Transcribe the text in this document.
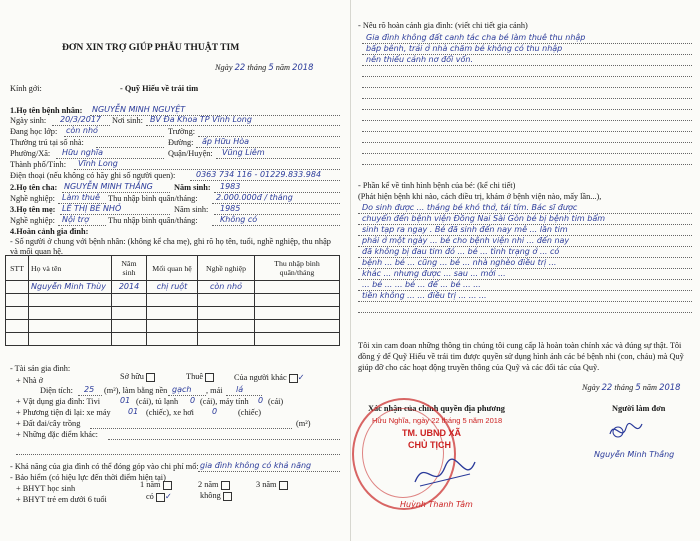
ĐƠN XIN TRỢ GIÚP PHẪU THUẬT TIM
Ngày 22 tháng 5 năm 2018
Kính gởi:	- Quỹ Hiếu về trái tim
1.Họ tên bệnh nhân: NGUYỄN MINH NGUYỆT
Ngày sinh: 20/3/2017 Nơi sinh: BV Đa Khoa TP Vĩnh Long
Đang học lớp: còn nhỏ	Trường:
Thường trú tại số nhà:	Đường: ấp Hữu Hòa
Phường/Xã: Hữu nghĩa	Quận/Huyện: Vũng Liêm
Thành phố/Tỉnh: Vĩnh Long
Điện thoại (nếu không có hãy ghi số người quen):	0363 734 116 - 01229.833.984
2.Họ tên cha: NGUYỄN MINH THẮNG	Năm sinh: 1983
Nghề nghiệp: Làm thuê Thu nhập bình quân/tháng: 2.000.000đ / tháng
3.Họ tên mẹ: LÊ THỊ BÉ NHỎ	Năm sinh: 1985
Nghề nghiệp: Nội trợ Thu nhập bình quân/tháng:	Không có
4.Hoàn cảnh gia đình:
- Số người ở chung với bệnh nhân: (không kể cha mẹ), ghi rõ họ tên, tuổi, nghề nghiệp, thu nhập và mối quan hệ.
STT	Họ và tên	Năm sinh	Mối quan hệ	Nghề nghiệp	Thu nhập bình quân/tháng
	Nguyễn Minh Thùy	2014	chị ruột	còn nhỏ	

- Tài sản gia đình:
+ Nhà ở	Sở hữu	Thuê	Của người khác ✓
Diện tích: 25 (m²), làm bằng nền gạch , mái lá
+ Vật dụng gia đình: Tivi 01 (cái), tủ lạnh 0 (cái), máy tính 0 (cái)
+ Phương tiện đi lại: xe máy 01 (chiếc), xe hơi 0	(chiếc)
+ Đất đai/cây trồng	(m²)
+ Những đặc điểm khác:
- Khả năng của gia đình có thể đóng góp vào chi phí mổ: gia đình không có khả năng
- Bảo hiểm (có hiệu lực đến thời điểm hiện tại)
+ BHYT học sinh	1 năm	2 năm	3 năm
+ BHYT trẻ em dưới 6 tuổi	có ✓	không
- Nêu rõ hoàn cảnh gia đình: (viết chi tiết gia cảnh)
Gia đình không đất canh tác cha bé làm thuê thu nhập
bấp bênh, trải ở nhà chăm bé không có thu nhập
nên thiếu cảnh nơ đổi vốn.
- Phần kể về tình hình bệnh của bé: (kể chi tiết)
(Phát hiện bệnh khi nào, cách điều trị, khám ở bệnh viện nào, mấy lần...),
Do sinh được ... tháng bé khó thở, tái tím. Bác sĩ được
chuyển đến bệnh viện Đồng Nai Sài Gòn bé bị bệnh tim bẩm
sinh tạp ra ngay . Bé đã sinh đến nay mê ... lần tim
phải ở một ngày ... bé cho bệnh viện nhi ... đến nay
đã không bị đau tim đó ... bé ... tình trạng ở ... có
bệnh ... bé ... cũng ... bé ... nhà nghèo điều trị ...
khác ... nhưng được ... sau ... mới ...
... bé ... ... bé ... để ... bé ... ...
tiền không ... ... điều trị ... ... ...
Tôi xin cam đoan những thông tin chúng tôi cung cấp là hoàn toàn chính xác và đúng sự thật. Tôi đồng ý để Quỹ Hiếu về trái tim được quyền sử dụng hình ảnh các bé bệnh nhi (con, cháu) mà Quỹ giúp đỡ cho các hoạt động truyền thông của Quỹ và các đối tác của Quỹ.
Ngày 22 tháng 5 năm 2018
Xác nhận của chính quyền địa phương	Người làm đơn
Hữu Nghĩa, ngày 22 tháng 5 năm 2018
TM. UBND XÃ
CHỦ TỊCH
Huỳnh Thanh Tâm
Nguyễn Minh Thắng
